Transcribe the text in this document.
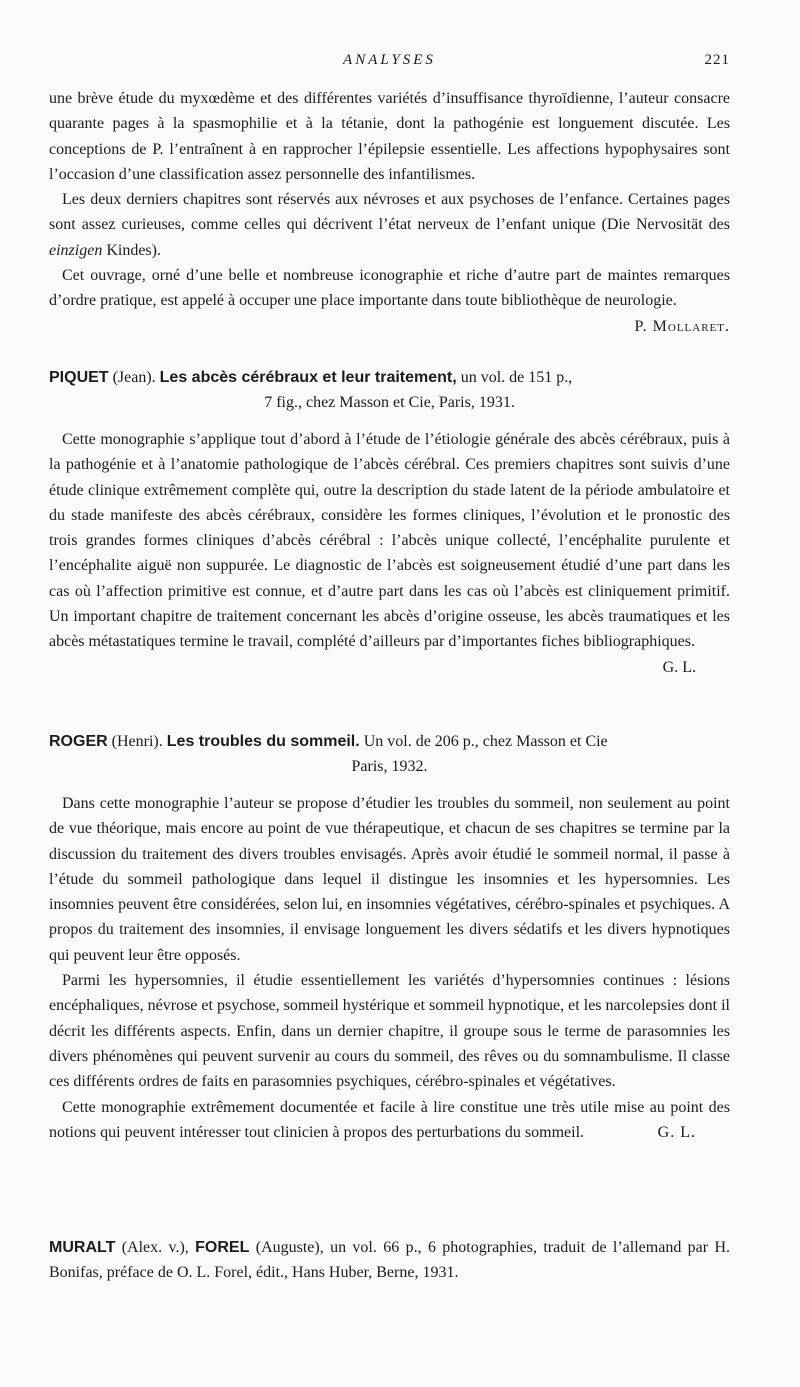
ANALYSES	221

une brève étude du myxœdème et des différentes variétés d’insuffisance thyroïdienne, l’auteur consacre quarante pages à la spasmophilie et à la tétanie, dont la pathogénie est longuement discutée. Les conceptions de P. l’entraînent à en rapprocher l’épilepsie essentielle. Les affections hypophysaires sont l’occasion d’une classification assez personnelle des infantilismes.

Les deux derniers chapitres sont réservés aux névroses et aux psychoses de l’enfance. Certaines pages sont assez curieuses, comme celles qui décrivent l’état nerveux de l’enfant unique (Die Nervosität des einzigen Kindes).

Cet ouvrage, orné d’une belle et nombreuse iconographie et riche d’autre part de maintes remarques d’ordre pratique, est appelé à occuper une place importante dans toute bibliothèque de neurologie.
P. Mollaret.

PIQUET (Jean). Les abcès cérébraux et leur traitement, un vol. de 151 p.,
7 fig., chez Masson et Cie, Paris, 1931.

Cette monographie s’applique tout d’abord à l’étude de l’étiologie générale des abcès cérébraux, puis à la pathogénie et à l’anatomie pathologique de l’abcès cérébral. Ces premiers chapitres sont suivis d’une étude clinique extrêmement complète qui, outre la description du stade latent de la période ambulatoire et du stade manifeste des abcès cérébraux, considère les formes cliniques, l’évolution et le pronostic des trois grandes formes cliniques d’abcès cérébral : l’abcès unique collecté, l’encéphalite purulente et l’encéphalite aiguë non suppurée. Le diagnostic de l’abcès est soigneusement étudié d’une part dans les cas où l’affection primitive est connue, et d’autre part dans les cas où l’abcès est cliniquement primitif. Un important chapitre de traitement concernant les abcès d’origine osseuse, les abcès traumatiques et les abcès métastatiques termine le travail, complété d’ailleurs par d’importantes fiches bibliographiques.

G. L.
ROGER (Henri). Les troubles du sommeil. Un vol. de 206 p., chez Masson et Cie
Paris, 1932.

Dans cette monographie l’auteur se propose d’étudier les troubles du sommeil, non seulement au point de vue théorique, mais encore au point de vue thérapeutique, et chacun de ses chapitres se termine par la discussion du traitement des divers troubles envisagés. Après avoir étudié le sommeil normal, il passe à l’étude du sommeil pathologique dans lequel il distingue les insomnies et les hypersomnies. Les insomnies peuvent être considérées, selon lui, en insomnies végétatives, cérébro-spinales et psychiques. A propos du traitement des insomnies, il envisage longuement les divers sédatifs et les divers hypnotiques qui peuvent leur être opposés.

Parmi les hypersomnies, il étudie essentiellement les variétés d’hypersomnies continues : lésions encéphaliques, névrose et psychose, sommeil hystérique et sommeil hypnotique, et les narcolepsies dont il décrit les différents aspects. Enfin, dans un dernier chapitre, il groupe sous le terme de parasomnies les divers phénomènes qui peuvent survenir au cours du sommeil, des rêves ou du somnambulisme. Il classe ces différents ordres de faits en parasomnies psychiques, cérébro-spinales et végétatives.

Cette monographie extrêmement documentée et facile à lire constitue une très utile mise au point des notions qui peuvent intéresser tout clinicien à propos des perturbations du sommeil.	G. L.

MURALT (Alex. v.), FOREL (Auguste), un vol. 66 p., 6 photographies, traduit de l’allemand par H. Bonifas, préface de O. L. Forel, édit., Hans Huber, Berne, 1931.
